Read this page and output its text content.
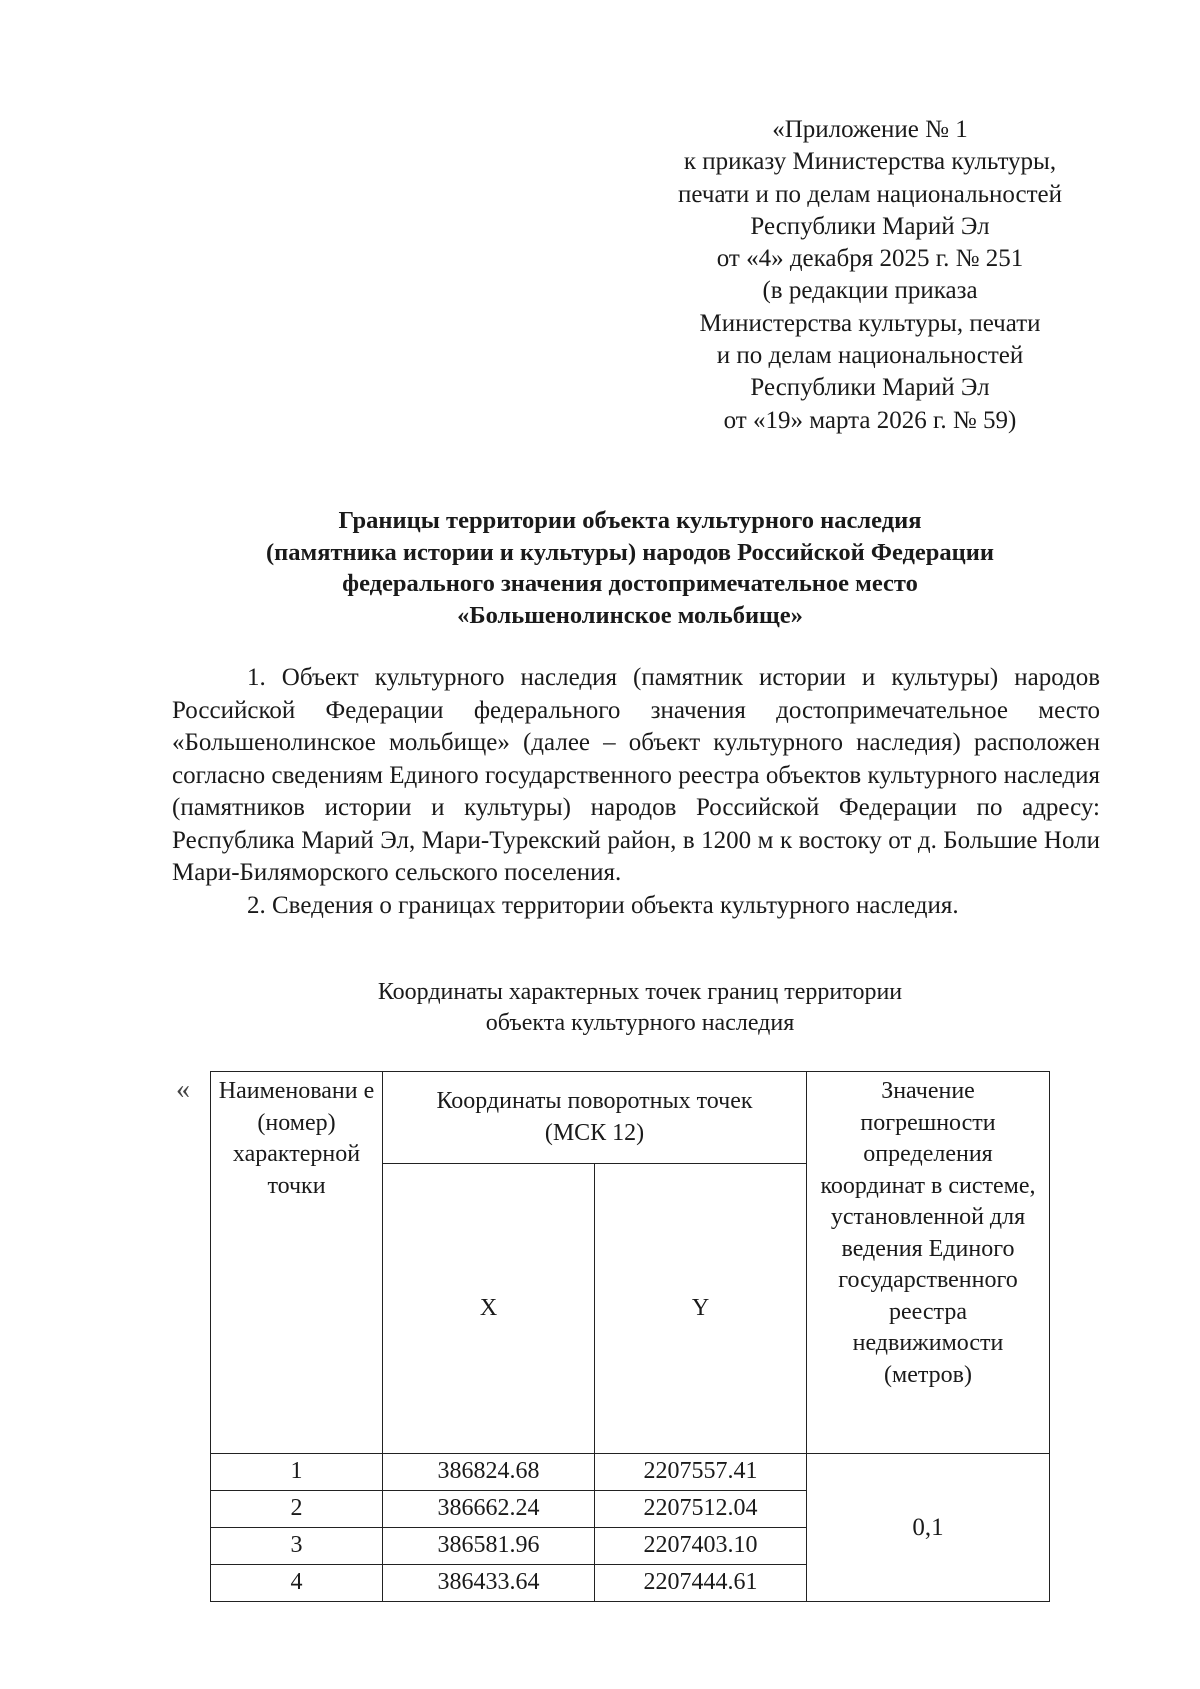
«Приложение № 1
к приказу Министерства культуры,
печати и по делам национальностей
Республики Марий Эл
от «4» декабря 2025 г. № 251
(в редакции приказа
Министерства культуры, печати
и по делам национальностей
Республики Марий Эл
от «19» марта 2026 г. № 59)
Границы территории объекта культурного наследия
(памятника истории и культуры) народов Российской Федерации
федерального значения достопримечательное место
«Большенолинское мольбище»

1. Объект культурного наследия (памятник истории и культуры) народов Российской Федерации федерального значения достопримечательное место «Большенолинское мольбище» (далее – объект культурного наследия) расположен согласно сведениям Единого государственного реестра объектов культурного наследия (памятников истории и культуры) народов Российской Федерации по адресу: Республика Марий Эл, Мари-Турекский район, в 1200 м к востоку от д. Большие Ноли Мари-Биляморского сельского поселения.

2. Сведения о границах территории объекта культурного наследия.

Координаты характерных точек границ территории
объекта культурного наследия
«	Наименовани е (номер) характерной точки	Координаты поворотных точек (МСК 12)		Значение погрешности определения координат в системе, установленной для ведения Единого государственного реестра недвижимости (метров)

	X	Y	
1	386824.68	2207557.41	0,1
2	386662.24	2207512.04	
3	386581.96	2207403.10	
4	386433.64	2207444.61	
